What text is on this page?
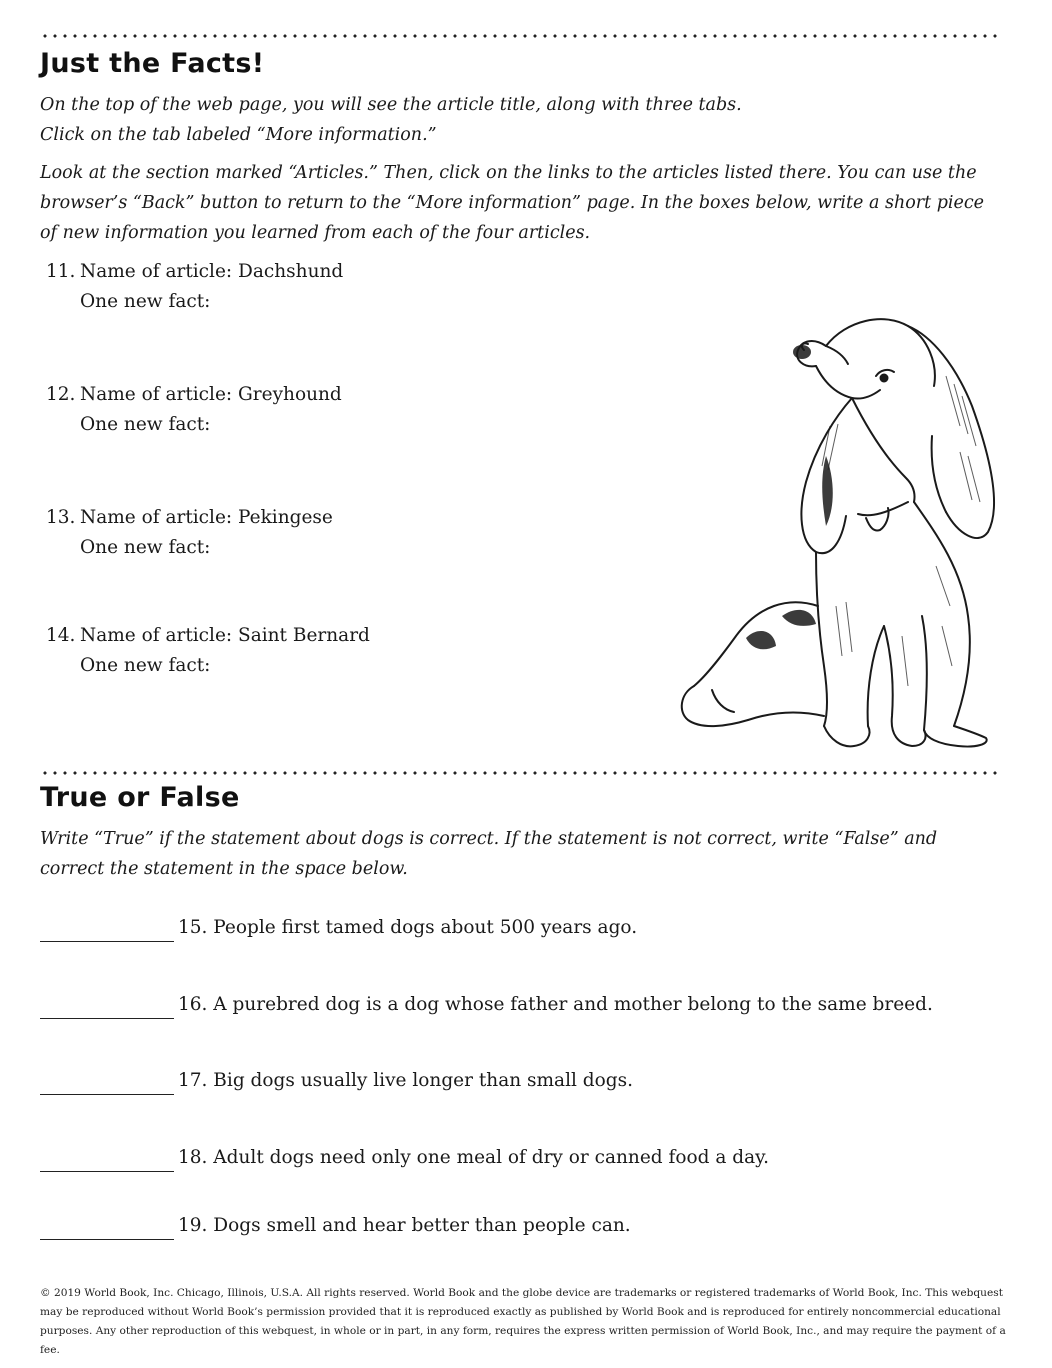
Just the Facts!
On the top of the web page, you will see the article title, along with three tabs.
Click on the tab labeled “More information.”

Look at the section marked “Articles.” Then, click on the links to the articles listed there. You can use the browser’s “Back” button to return to the “More information” page. In the boxes below, write a short piece of new information you learned from each of the four articles.

11. Name of article: Dachshund
One new fact:
12. Name of article: Greyhound
One new fact:
13. Name of article: Pekingese
One new fact:
14. Name of article: Saint Bernard
One new fact:
True or False

Write “True” if the statement about dogs is correct. If the statement is not correct, write “False” and correct the statement in the space below.

15. People first tamed dogs about 500 years ago.
16. A purebred dog is a dog whose father and mother belong to the same breed.
17. Big dogs usually live longer than small dogs.
18. Adult dogs need only one meal of dry or canned food a day.
19. Dogs smell and hear better than people can.

© 2019 World Book, Inc. Chicago, Illinois, U.S.A. All rights reserved. World Book and the globe device are trademarks or registered trademarks of World Book, Inc. This webquest may be reproduced without World Book’s permission provided that it is reproduced exactly as published by World Book and is reproduced for entirely noncommercial educational purposes. Any other reproduction of this webquest, in whole or in part, in any form, requires the express written permission of World Book, Inc., and may require the payment of a fee.
